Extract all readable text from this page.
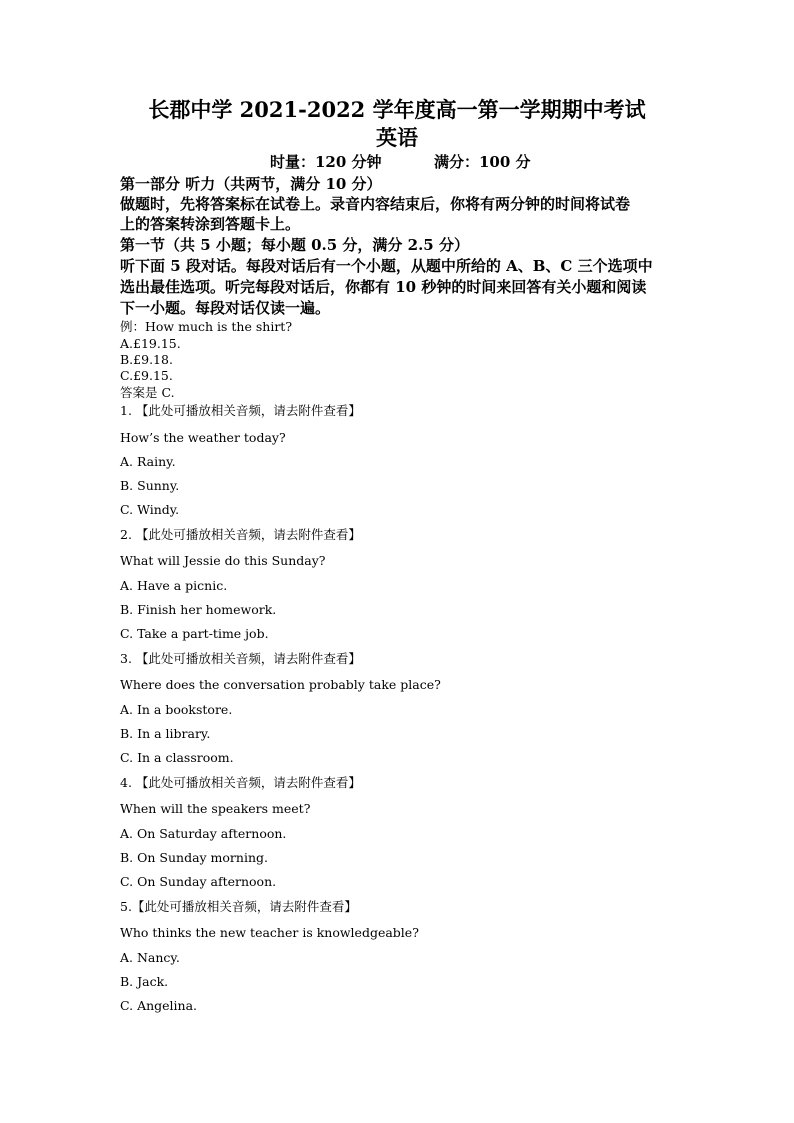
长郡中学 2021-2022 学年度高一第一学期期中考试
英语
时量：120 分钟	满分：100 分
第一部分 听力（共两节，满分 10 分）
做题时，先将答案标在试卷上。录音内容结束后，你将有两分钟的时间将试卷
上的答案转涂到答题卡上。
第一节（共 5 小题；每小题 0.5 分，满分 2.5 分）
听下面 5 段对话。每段对话后有一个小题，从题中所给的 A、B、C 三个选项中
选出最佳选项。听完每段对话后，你都有 10 秒钟的时间来回答有关小题和阅读
下一小题。每段对话仅读一遍。
例：How much is the shirt?
A.£19.15.
B.£9.18.
C.£9.15.
答案是 C.
1. 【此处可播放相关音频，请去附件查看】
How’s the weather today?
A. Rainy.
B. Sunny.
C. Windy.
2. 【此处可播放相关音频，请去附件查看】
What will Jessie do this Sunday?
A. Have a picnic.
B. Finish her homework.
C. Take a part-time job.
3. 【此处可播放相关音频，请去附件查看】
Where does the conversation probably take place?
A. In a bookstore.
B. In a library.
C. In a classroom.
4. 【此处可播放相关音频，请去附件查看】
When will the speakers meet?
A. On Saturday afternoon.
B. On Sunday morning.
C. On Sunday afternoon.
5.【此处可播放相关音频，请去附件查看】
Who thinks the new teacher is knowledgeable?
A. Nancy.
B. Jack.
C. Angelina.
